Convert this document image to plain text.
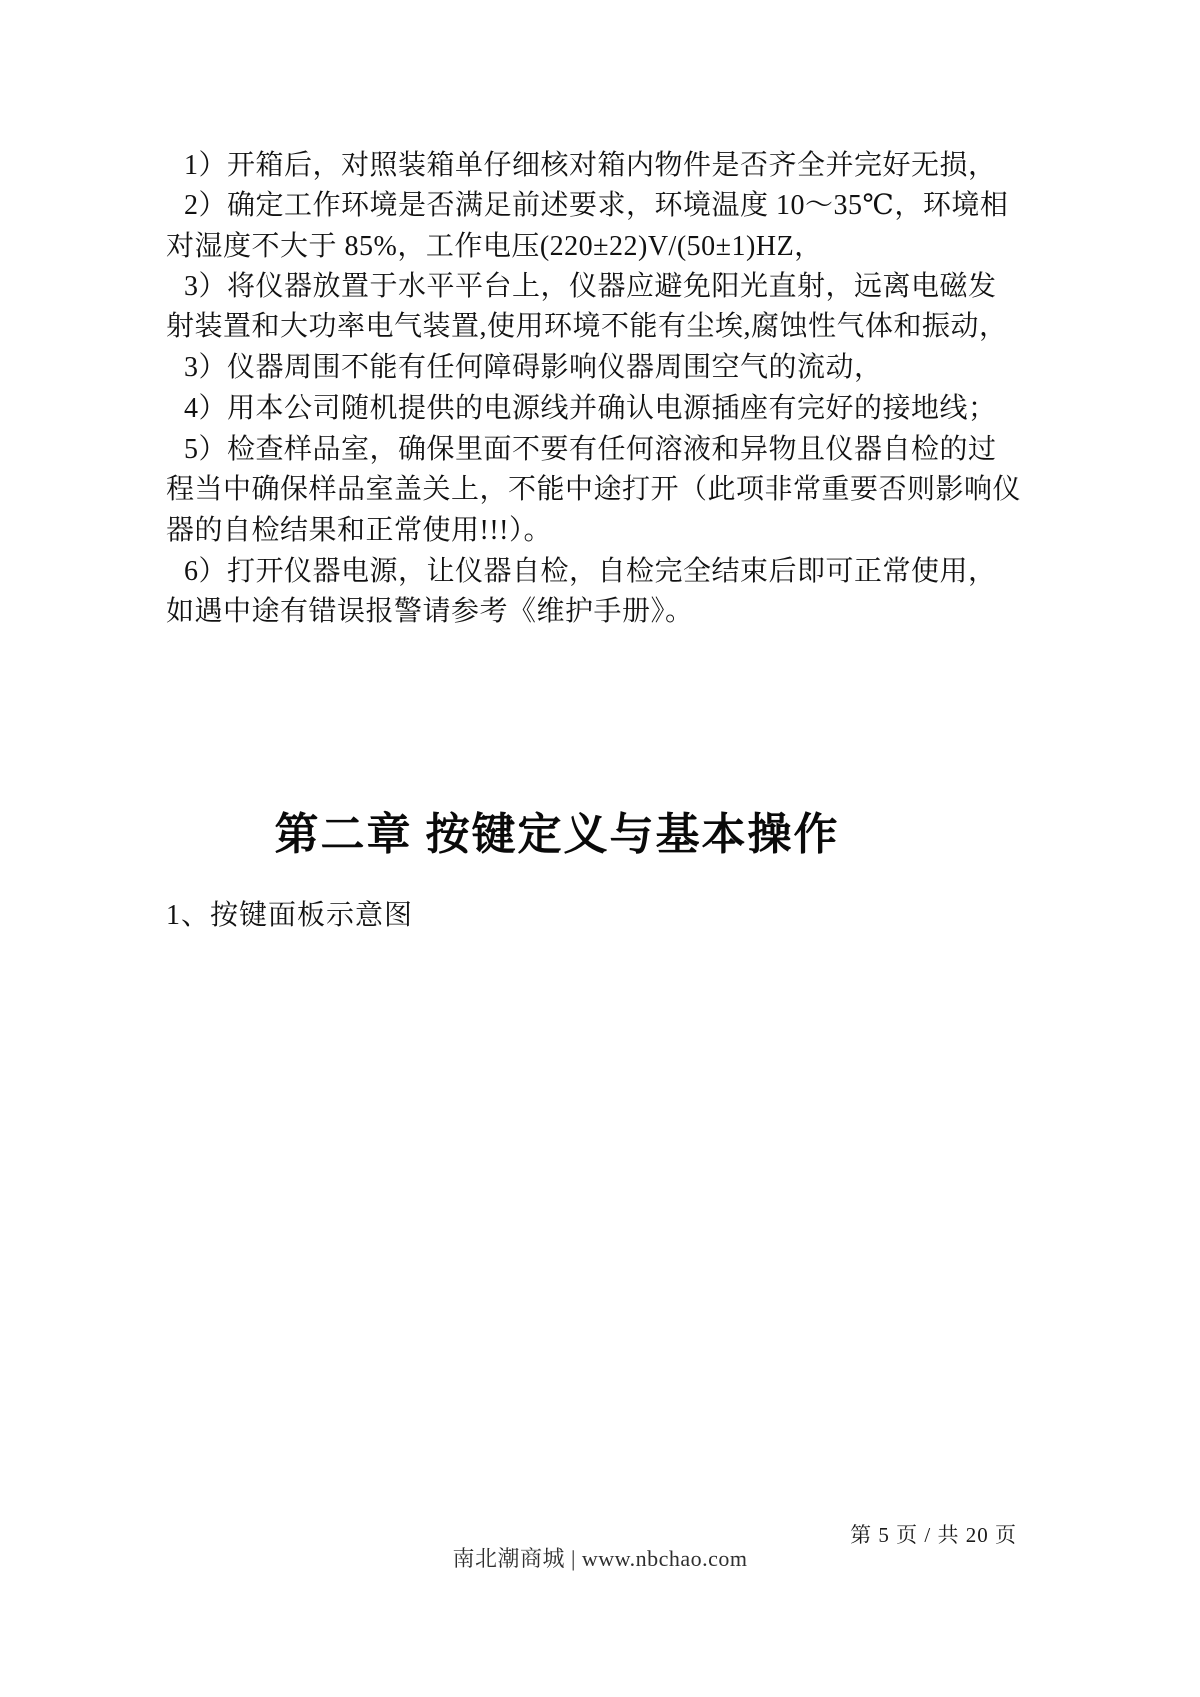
1）开箱后，对照装箱单仔细核对箱内物件是否齐全并完好无损，
2）确定工作环境是否满足前述要求，环境温度 10～35℃，环境相
对湿度不大于 85%，工作电压(220±22)V/(50±1)HZ，
3）将仪器放置于水平平台上，仪器应避免阳光直射，远离电磁发
射装置和大功率电气装置,使用环境不能有尘埃,腐蚀性气体和振动，
3）仪器周围不能有任何障碍影响仪器周围空气的流动，
4）用本公司随机提供的电源线并确认电源插座有完好的接地线；
5）检查样品室，确保里面不要有任何溶液和异物且仪器自检的过
程当中确保样品室盖关上，不能中途打开（此项非常重要否则影响仪
器的自检结果和正常使用!!!）。
6）打开仪器电源，让仪器自检，自检完全结束后即可正常使用，
如遇中途有错误报警请参考《维护手册》。
第二章 按键定义与基本操作
1、按键面板示意图
第 5 页 / 共 20 页
南北潮商城 | www.nbchao.com
